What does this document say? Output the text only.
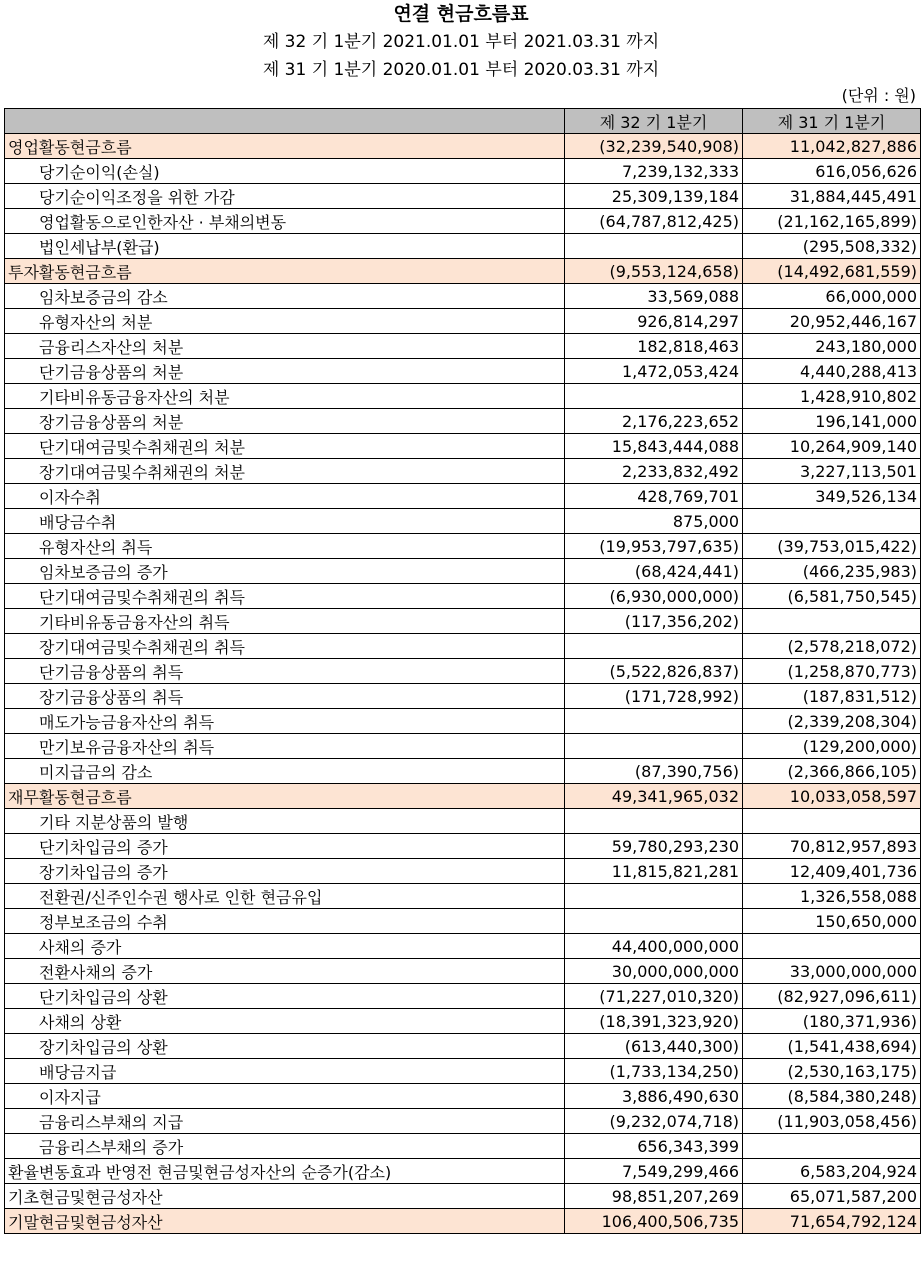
연결 현금흐름표
제 32 기 1분기 2021.01.01 부터 2021.03.31 까지
제 31 기 1분기 2020.01.01 부터 2020.03.31 까지
(단위 : 원)
	제 32 기 1분기	제 31 기 1분기
영업활동현금흐름	(32,239,540,908)	11,042,827,886
당기순이익(손실)	7,239,132,333	616,056,626
당기순이익조정을 위한 가감	25,309,139,184	31,884,445,491
영업활동으로인한자산 · 부채의변동	(64,787,812,425)	(21,162,165,899)
법인세납부(환급)		(295,508,332)
투자활동현금흐름	(9,553,124,658)	(14,492,681,559)
임차보증금의 감소	33,569,088	66,000,000
유형자산의 처분	926,814,297	20,952,446,167
금융리스자산의 처분	182,818,463	243,180,000
단기금융상품의 처분	1,472,053,424	4,440,288,413
기타비유동금융자산의 처분		1,428,910,802
장기금융상품의 처분	2,176,223,652	196,141,000
단기대여금및수취채권의 처분	15,843,444,088	10,264,909,140
장기대여금및수취채권의 처분	2,233,832,492	3,227,113,501
이자수취	428,769,701	349,526,134
배당금수취	875,000	
유형자산의 취득	(19,953,797,635)	(39,753,015,422)
임차보증금의 증가	(68,424,441)	(466,235,983)
단기대여금및수취채권의 취득	(6,930,000,000)	(6,581,750,545)
기타비유동금융자산의 취득	(117,356,202)	
장기대여금및수취채권의 취득		(2,578,218,072)
단기금융상품의 취득	(5,522,826,837)	(1,258,870,773)
장기금융상품의 취득	(171,728,992)	(187,831,512)
매도가능금융자산의 취득		(2,339,208,304)
만기보유금융자산의 취득		(129,200,000)
미지급금의 감소	(87,390,756)	(2,366,866,105)
재무활동현금흐름	49,341,965,032	10,033,058,597
기타 지분상품의 발행		
단기차입금의 증가	59,780,293,230	70,812,957,893
장기차입금의 증가	11,815,821,281	12,409,401,736
전환권/신주인수권 행사로 인한 현금유입		1,326,558,088
정부보조금의 수취		150,650,000
사채의 증가	44,400,000,000	
전환사채의 증가	30,000,000,000	33,000,000,000
단기차입금의 상환	(71,227,010,320)	(82,927,096,611)
사채의 상환	(18,391,323,920)	(180,371,936)
장기차입금의 상환	(613,440,300)	(1,541,438,694)
배당금지급	(1,733,134,250)	(2,530,163,175)
이자지급	3,886,490,630	(8,584,380,248)
금융리스부채의 지급	(9,232,074,718)	(11,903,058,456)
금융리스부채의 증가	656,343,399	
환율변동효과 반영전 현금및현금성자산의 순증가(감소)	7,549,299,466	6,583,204,924
기초현금및현금성자산	98,851,207,269	65,071,587,200
기말현금및현금성자산	106,400,506,735	71,654,792,124
